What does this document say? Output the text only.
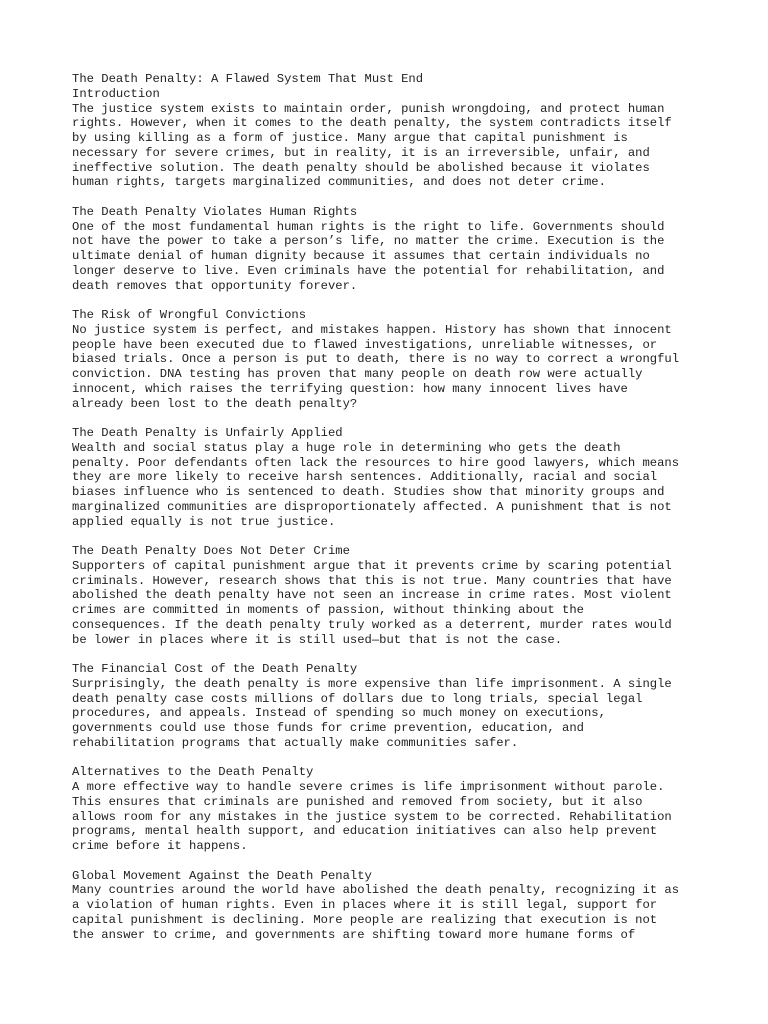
The Death Penalty: A Flawed System That Must End

Introduction

The justice system exists to maintain order, punish wrongdoing, and protect human
rights. However, when it comes to the death penalty, the system contradicts itself
by using killing as a form of justice. Many argue that capital punishment is
necessary for severe crimes, but in reality, it is an irreversible, unfair, and
ineffective solution. The death penalty should be abolished because it violates
human rights, targets marginalized communities, and does not deter crime.

The Death Penalty Violates Human Rights

One of the most fundamental human rights is the right to life. Governments should
not have the power to take a person’s life, no matter the crime. Execution is the
ultimate denial of human dignity because it assumes that certain individuals no
longer deserve to live. Even criminals have the potential for rehabilitation, and
death removes that opportunity forever.

The Risk of Wrongful Convictions

No justice system is perfect, and mistakes happen. History has shown that innocent
people have been executed due to flawed investigations, unreliable witnesses, or
biased trials. Once a person is put to death, there is no way to correct a wrongful
conviction. DNA testing has proven that many people on death row were actually
innocent, which raises the terrifying question: how many innocent lives have
already been lost to the death penalty?

The Death Penalty is Unfairly Applied

Wealth and social status play a huge role in determining who gets the death
penalty. Poor defendants often lack the resources to hire good lawyers, which means
they are more likely to receive harsh sentences. Additionally, racial and social
biases influence who is sentenced to death. Studies show that minority groups and
marginalized communities are disproportionately affected. A punishment that is not
applied equally is not true justice.

The Death Penalty Does Not Deter Crime

Supporters of capital punishment argue that it prevents crime by scaring potential
criminals. However, research shows that this is not true. Many countries that have
abolished the death penalty have not seen an increase in crime rates. Most violent
crimes are committed in moments of passion, without thinking about the
consequences. If the death penalty truly worked as a deterrent, murder rates would
be lower in places where it is still used—but that is not the case.

The Financial Cost of the Death Penalty

Surprisingly, the death penalty is more expensive than life imprisonment. A single
death penalty case costs millions of dollars due to long trials, special legal
procedures, and appeals. Instead of spending so much money on executions,
governments could use those funds for crime prevention, education, and
rehabilitation programs that actually make communities safer.

Alternatives to the Death Penalty

A more effective way to handle severe crimes is life imprisonment without parole.
This ensures that criminals are punished and removed from society, but it also
allows room for any mistakes in the justice system to be corrected. Rehabilitation
programs, mental health support, and education initiatives can also help prevent
crime before it happens.

Global Movement Against the Death Penalty

Many countries around the world have abolished the death penalty, recognizing it as
a violation of human rights. Even in places where it is still legal, support for
capital punishment is declining. More people are realizing that execution is not
the answer to crime, and governments are shifting toward more humane forms of
